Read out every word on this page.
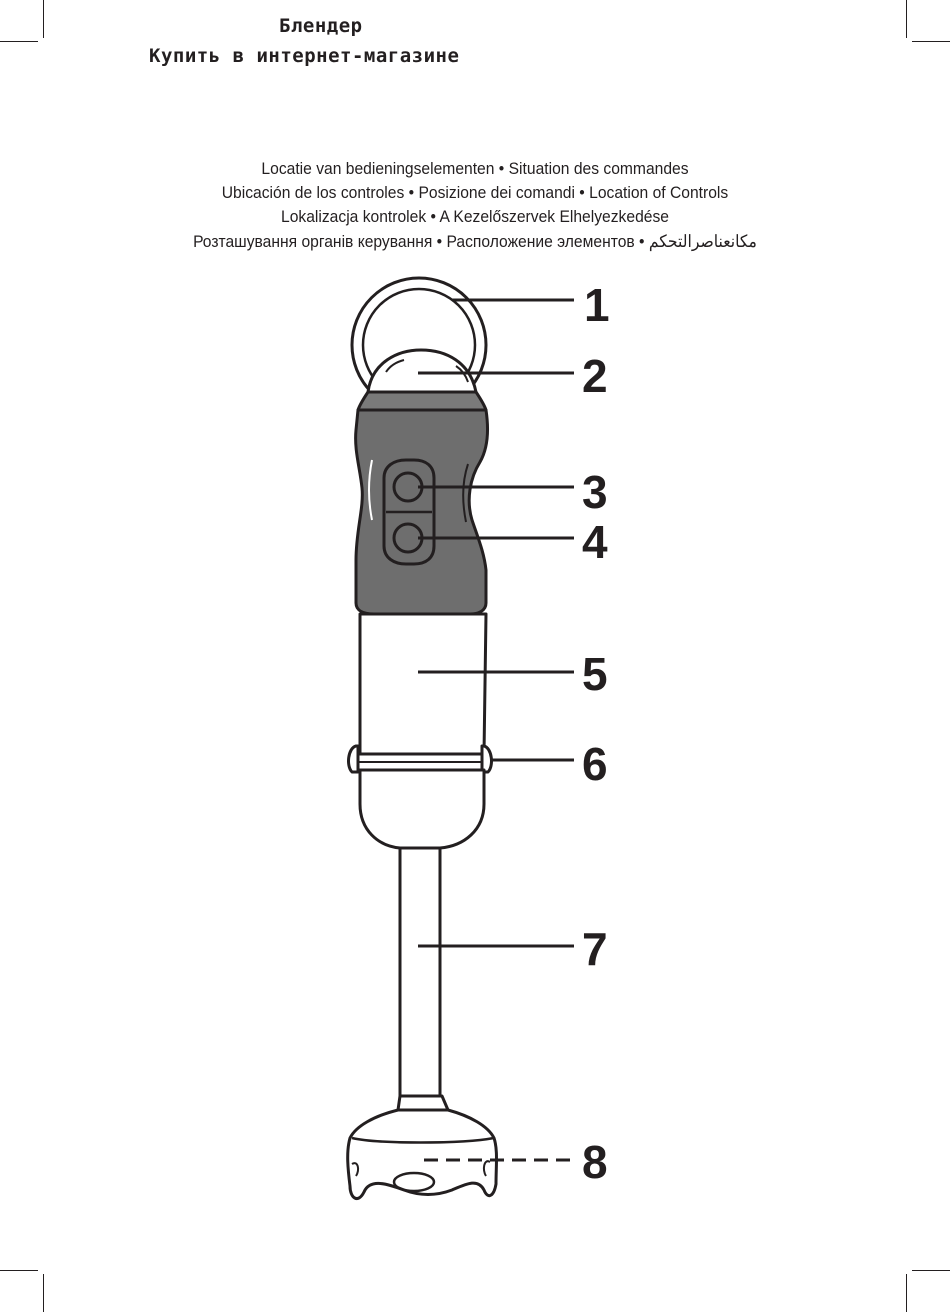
Блендер
Купить в интернет-магазине
Locatie van bedieningselementen • Situation des commandes
Ubicación de los controles • Posizione dei comandi • Location of Controls
Lokalizacja kontrolek • A Kezelőszervek Elhelyezkedése
Розташування органів керування • Расположение элементов • مكانعناصرالتحكم
1
2
3
4
5
6
7
8
